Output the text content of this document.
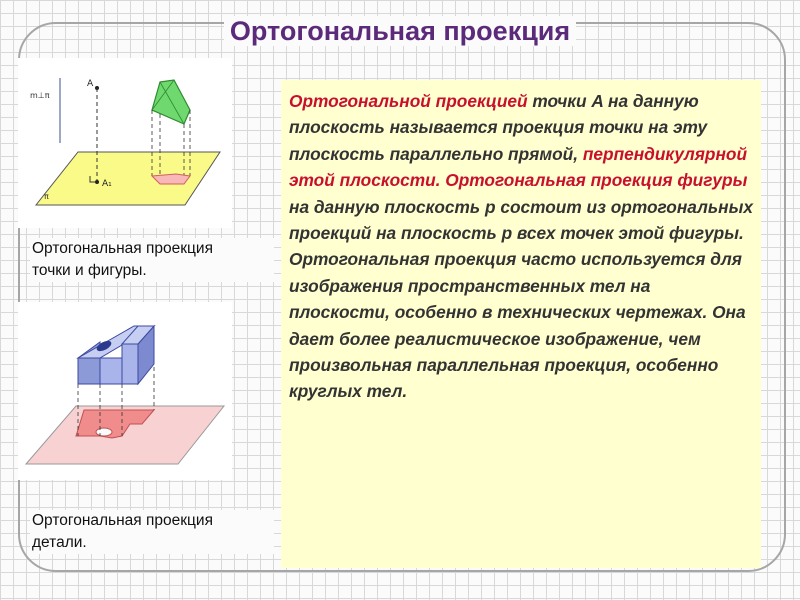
Ортогональная проекция
m⊥π
π
A
A₁
Ортогональная проекция
точки и фигуры.
Ортогональная проекция
детали.
Ортогональной проекцией точки A на данную плоскость называется проекция точки на эту плоскость параллельно прямой, перпендикулярной этой плоскости. Ортогональная проекция фигуры на данную плоскость p состоит из ортогональных проекций на плоскость p всех точек этой фигуры.
Ортогональная проекция часто используется для изображения пространственных тел на плоскости, особенно в технических чертежах. Она дает более реалистическое изображение, чем произвольная параллельная проекция, особенно круглых тел.
